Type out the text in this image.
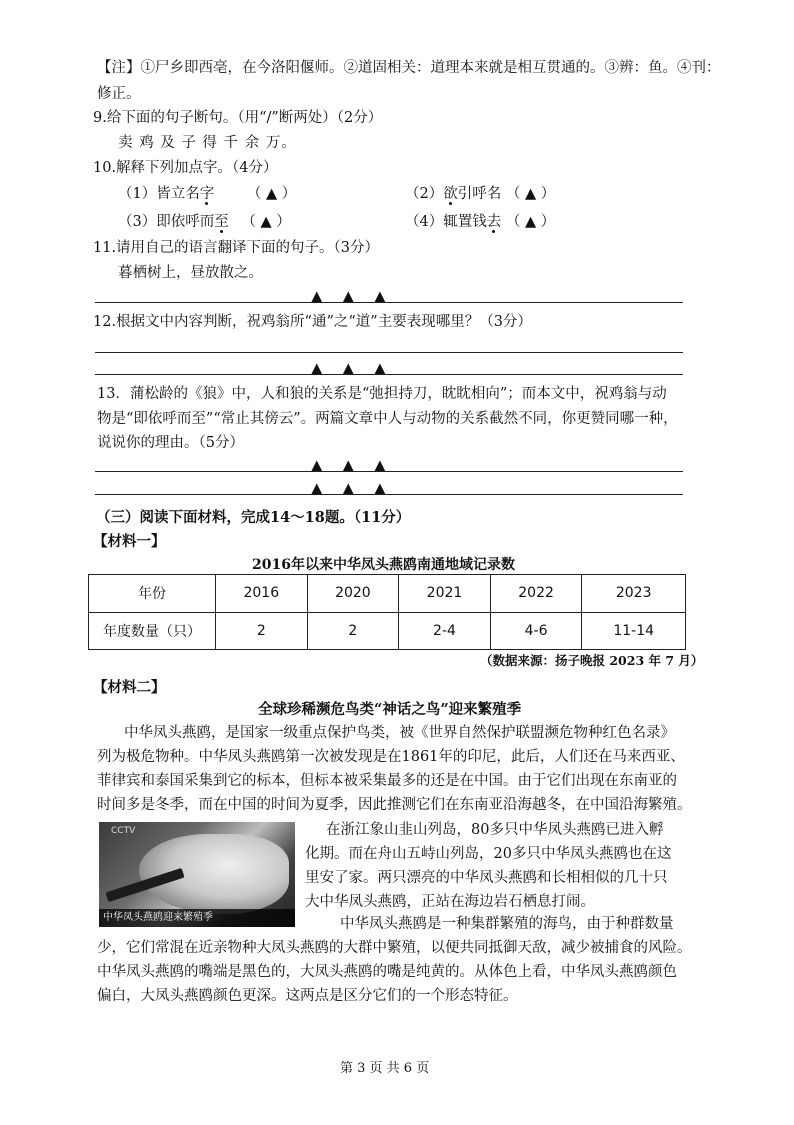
【注】①尸乡即西亳，在今洛阳偃师。②道固相关：道理本来就是相互贯通的。③辨：鱼。④刊：
修正。
9.给下面的句子断句。（用“/”断两处）（2分）
卖 鸡 及 子 得 千 余 万。
10.解释下列加点字。（4分）
（1）皆立名字 （ ▲ ）	（2）欲引呼名 （ ▲ ）
（3）即依呼而至 （ ▲ ）	（4）辄置钱去 （ ▲ ）
11.请用自己的语言翻译下面的句子。（3分）
暮栖树上，昼放散之。
▲▲▲
12.根据文中内容判断，祝鸡翁所“通”之“道”主要表现哪里？（3分）
▲▲▲
13．蒲松龄的《狼》中，人和狼的关系是“弛担持刀，眈眈相向”；而本文中，祝鸡翁与动
物是“即依呼而至”“常止其傍云”。两篇文章中人与动物的关系截然不同，你更赞同哪一种，
说说你的理由。（5分）
▲▲▲
▲▲▲
（三）阅读下面材料，完成14～18题。（11分）
【材料一】
2016年以来中华凤头燕鸥南通地域记录数
年份	2016	2020	2021	2022	2023
年度数量（只）	2	2	2-4	4-6	11-14
（数据来源：扬子晚报 2023 年 7 月）
【材料二】
全球珍稀濒危鸟类“神话之鸟”迎来繁殖季
中华凤头燕鸥，是国家一级重点保护鸟类，被《世界自然保护联盟濒危物种红色名录》
列为极危物种。中华凤头燕鸥第一次被发现是在1861年的印尼，此后，人们还在马来西亚、
菲律宾和泰国采集到它的标本，但标本被采集最多的还是在中国。由于它们出现在东南亚的
时间多是冬季，而在中国的时间为夏季，因此推测它们在东南亚沿海越冬，在中国沿海繁殖。
CCTV
中华凤头燕鸥迎来繁殖季
在浙江象山韭山列岛，80多只中华凤头燕鸥已进入孵
化期。而在舟山五峙山列岛，20多只中华凤头燕鸥也在这
里安了家。两只漂亮的中华凤头燕鸥和长相相似的几十只
大中华凤头燕鸥，正站在海边岩石栖息打闹。
中华凤头燕鸥是一种集群繁殖的海鸟，由于种群数量
少，它们常混在近亲物种大凤头燕鸥的大群中繁殖，以便共同抵御天敌，减少被捕食的风险。
中华凤头燕鸥的嘴端是黑色的，大凤头燕鸥的嘴是纯黄的。从体色上看，中华凤头燕鸥颜色
偏白，大凤头燕鸥颜色更深。这两点是区分它们的一个形态特征。
第 3 页 共 6 页
